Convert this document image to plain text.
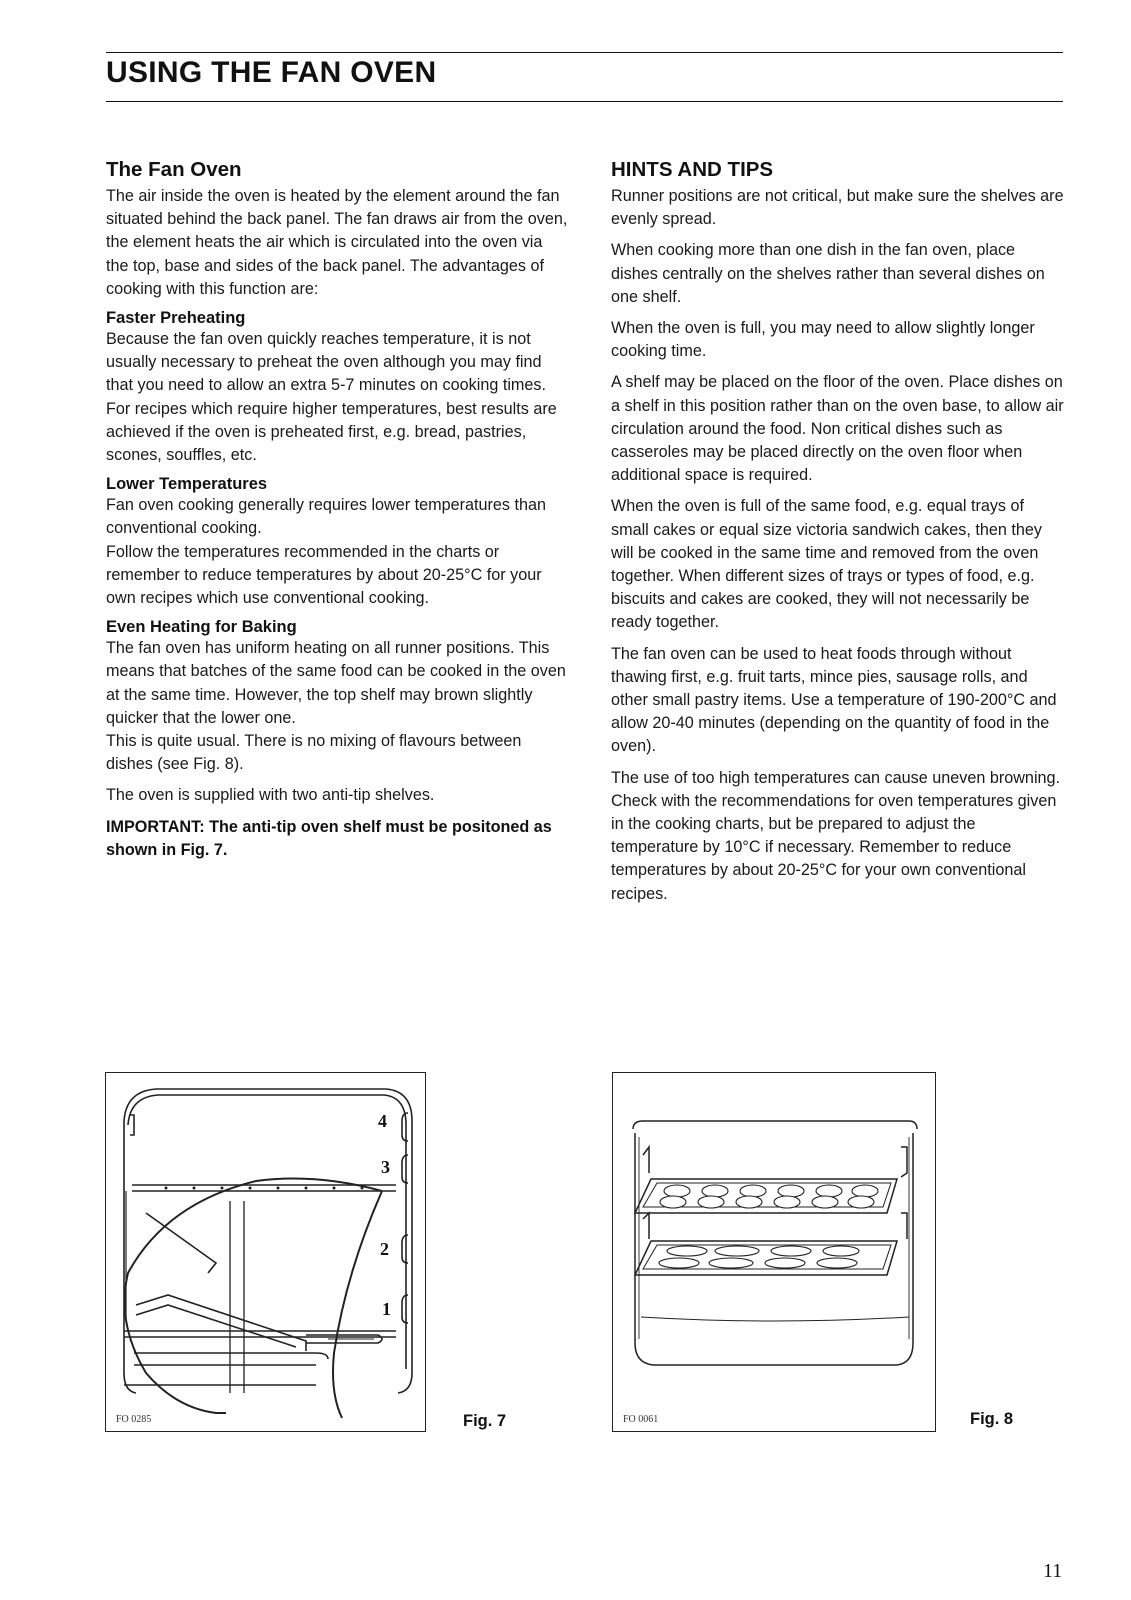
USING THE FAN OVEN
The Fan Oven

The air inside the oven is heated by the element around the fan situated behind the back panel. The fan draws air from the oven, the element heats the air which is circulated into the oven via the top, base and sides of the back panel. The advantages of cooking with this function are:

Faster Preheating

Because the fan oven quickly reaches temperature, it is not usually necessary to preheat the oven although you may find that you need to allow an extra 5-7 minutes on cooking times. For recipes which require higher temperatures, best results are achieved if the oven is preheated first, e.g. bread, pastries, scones, souffles, etc.

Lower Temperatures

Fan oven cooking generally requires lower temperatures than conventional cooking.

Follow the temperatures recommended in the charts or remember to reduce temperatures by about 20-25°C for your own recipes which use conventional cooking.

Even Heating for Baking

The fan oven has uniform heating on all runner positions. This means that batches of the same food can be cooked in the oven at the same time. However, the top shelf may brown slightly quicker that the lower one.

This is quite usual. There is no mixing of flavours between dishes (see Fig. 8).

The oven is supplied with two anti-tip shelves.

IMPORTANT: The anti-tip oven shelf must be positoned as shown in Fig. 7.

HINTS AND TIPS

Runner positions are not critical, but make sure the shelves are evenly spread.

When cooking more than one dish in the fan oven, place dishes centrally on the shelves rather than several dishes on one shelf.

When the oven is full, you may need to allow slightly longer cooking time.

A shelf may be placed on the floor of the oven. Place dishes on a shelf in this position rather than on the oven base, to allow air circulation around the food. Non critical dishes such as casseroles may be placed directly on the oven floor when additional space is required.

When the oven is full of the same food, e.g. equal trays of small cakes or equal size victoria sandwich cakes, then they will be cooked in the same time and removed from the oven together. When different sizes of trays or types of food, e.g. biscuits and cakes are cooked, they will not necessarily be ready together.

The fan oven can be used to heat foods through without thawing first, e.g. fruit tarts, mince pies, sausage rolls, and other small pastry items. Use a temperature of 190-200°C and allow 20-40 minutes (depending on the quantity of food in the oven).

The use of too high temperatures can cause uneven browning. Check with the recommendations for oven temperatures given in the cooking charts, but be prepared to adjust the temperature by 10°C if necessary. Remember to reduce temperatures by about 20-25°C for your own conventional recipes.

4
3
2
1
FO 0285	Fig. 7	FO 0061	Fig. 8
11
